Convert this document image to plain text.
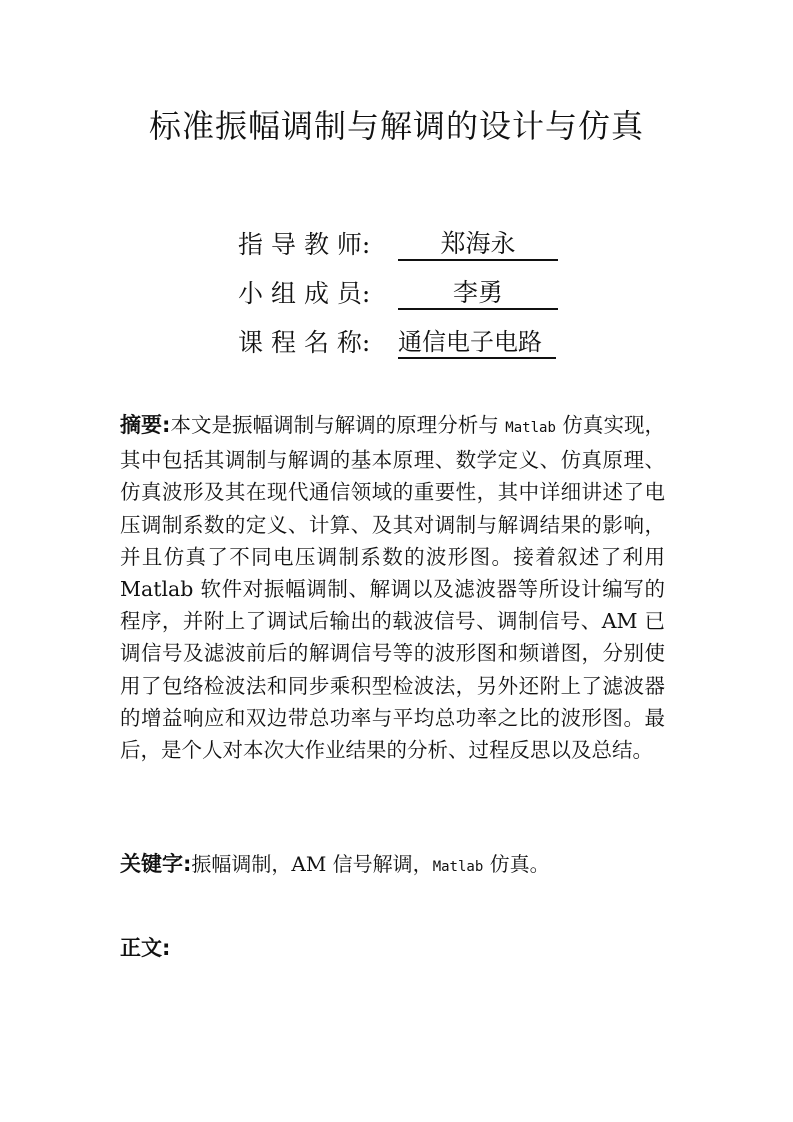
标准振幅调制与解调的设计与仿真
指 导 教 师:	郑海永
小 组 成 员:	李勇
课 程 名 称:	通信电子电路

摘要:本文是振幅调制与解调的原理分析与 Matlab 仿真实现，其中包括其调制与解调的基本原理、数学定义、仿真原理、仿真波形及其在现代通信领域的重要性，其中详细讲述了电压调制系数的定义、计算、及其对调制与解调结果的影响，并且仿真了不同电压调制系数的波形图。接着叙述了利用 Matlab 软件对振幅调制、解调以及滤波器等所设计编写的程序，并附上了调试后输出的载波信号、调制信号、AM 已调信号及滤波前后的解调信号等的波形图和频谱图，分别使用了包络检波法和同步乘积型检波法，另外还附上了滤波器的增益响应和双边带总功率与平均总功率之比的波形图。最后，是个人对本次大作业结果的分析、过程反思以及总结。

关键字:振幅调制，AM 信号解调，Matlab 仿真。

正文:
